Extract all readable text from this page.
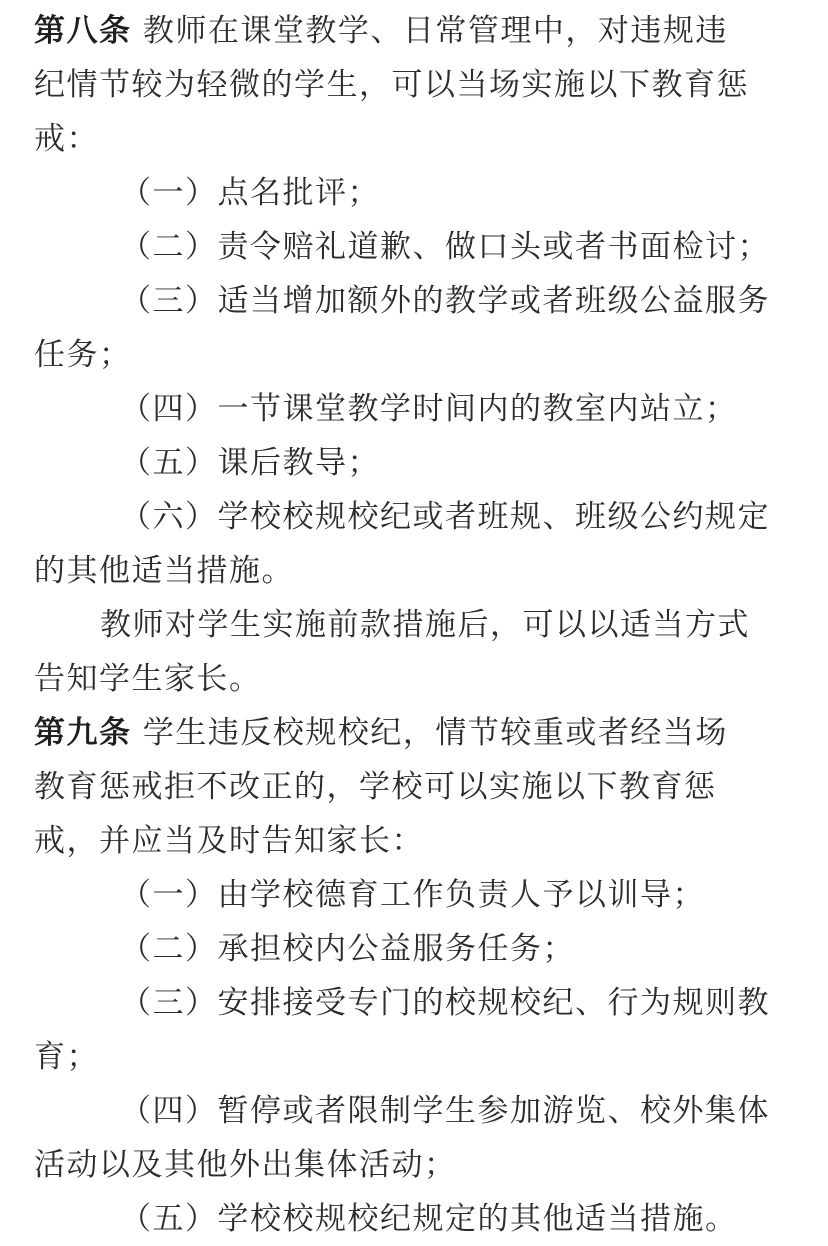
第八条 教师在课堂教学、日常管理中，对违规违
纪情节较为轻微的学生，可以当场实施以下教育惩
戒：
（一）点名批评；
（二）责令赔礼道歉、做口头或者书面检讨；
（三）适当增加额外的教学或者班级公益服务
任务；
（四）一节课堂教学时间内的教室内站立；
（五）课后教导；
（六）学校校规校纪或者班规、班级公约规定
的其他适当措施。
教师对学生实施前款措施后，可以以适当方式
告知学生家长。
第九条 学生违反校规校纪，情节较重或者经当场
教育惩戒拒不改正的，学校可以实施以下教育惩
戒，并应当及时告知家长：
（一）由学校德育工作负责人予以训导；
（二）承担校内公益服务任务；
（三）安排接受专门的校规校纪、行为规则教
育；
（四）暂停或者限制学生参加游览、校外集体
活动以及其他外出集体活动；
（五）学校校规校纪规定的其他适当措施。
